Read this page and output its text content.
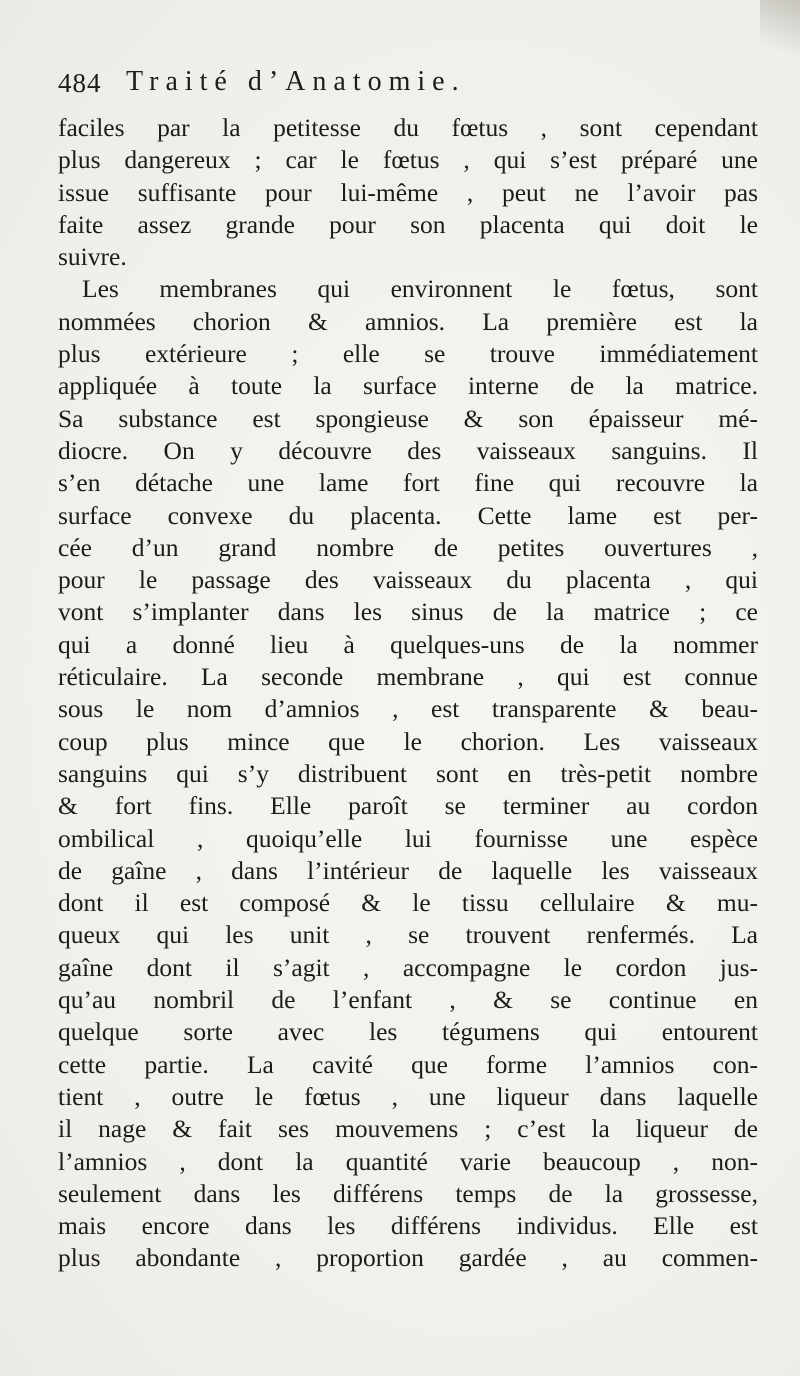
484 Traité d’Anatomie.
faciles par la petitesse du fœtus , sont cependant
plus dangereux ; car le fœtus , qui s’est préparé une
issue suffisante pour lui-même , peut ne l’avoir pas
faite assez grande pour son placenta qui doit le
suivre.
Les membranes qui environnent le fœtus, sont
nommées chorion & amnios. La première est la
plus extérieure ; elle se trouve immédiatement
appliquée à toute la surface interne de la matrice.
Sa substance est spongieuse & son épaisseur mé-
diocre. On y découvre des vaisseaux sanguins. Il
s’en détache une lame fort fine qui recouvre la
surface convexe du placenta. Cette lame est per-
cée d’un grand nombre de petites ouvertures ,
pour le passage des vaisseaux du placenta , qui
vont s’implanter dans les sinus de la matrice ; ce
qui a donné lieu à quelques-uns de la nommer
réticulaire. La seconde membrane , qui est connue
sous le nom d’amnios , est transparente & beau-
coup plus mince que le chorion. Les vaisseaux
sanguins qui s’y distribuent sont en très-petit nombre
& fort fins. Elle paroît se terminer au cordon
ombilical , quoiqu’elle lui fournisse une espèce
de gaîne , dans l’intérieur de laquelle les vaisseaux
dont il est composé & le tissu cellulaire & mu-
queux qui les unit , se trouvent renfermés. La
gaîne dont il s’agit , accompagne le cordon jus-
qu’au nombril de l’enfant , & se continue en
quelque sorte avec les tégumens qui entourent
cette partie. La cavité que forme l’amnios con-
tient , outre le fœtus , une liqueur dans laquelle
il nage & fait ses mouvemens ; c’est la liqueur de
l’amnios , dont la quantité varie beaucoup , non-
seulement dans les différens temps de la grossesse,
mais encore dans les différens individus. Elle est
plus abondante , proportion gardée , au commen-
